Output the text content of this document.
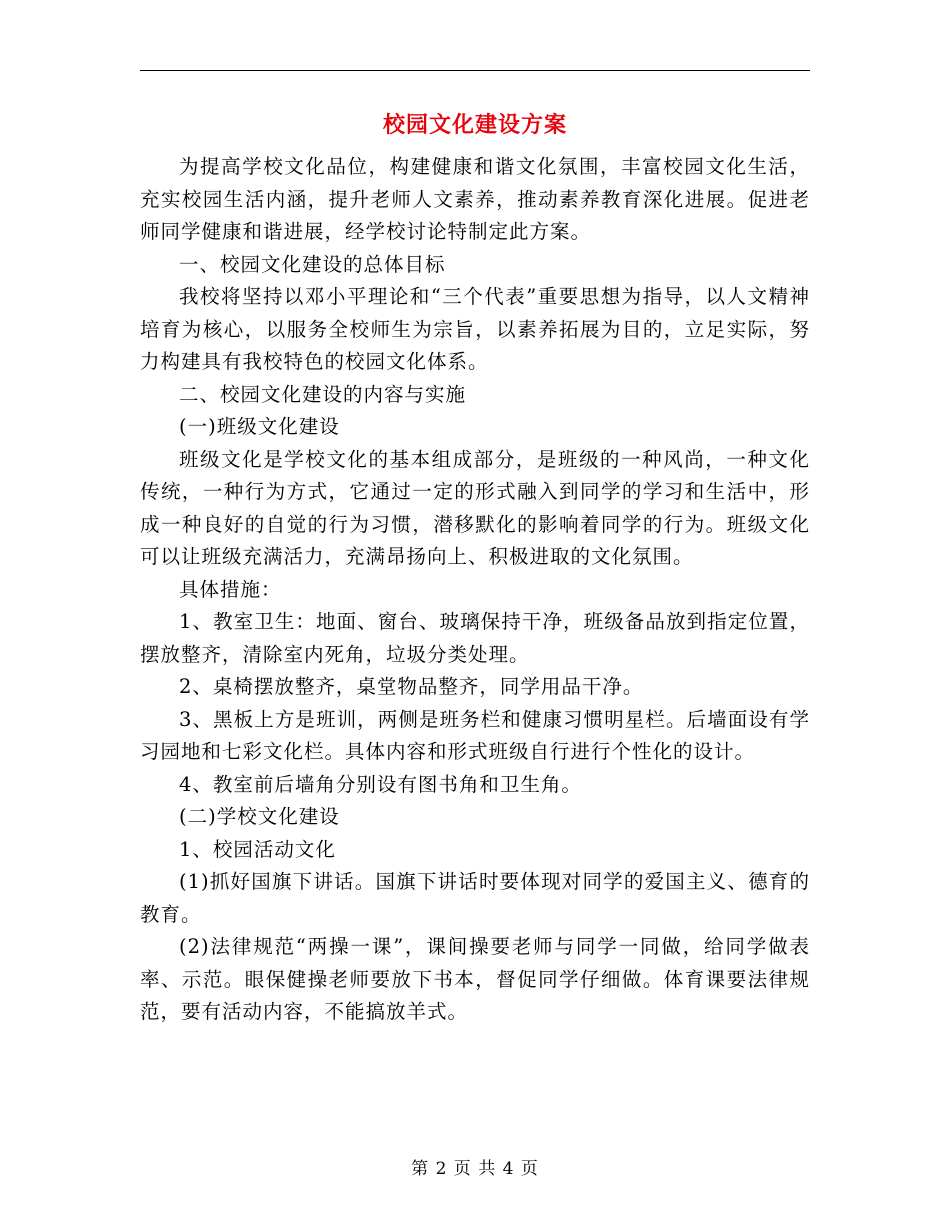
校园文化建设方案

为提高学校文化品位，构建健康和谐文化氛围，丰富校园文化生活，充实校园生活内涵，提升老师人文素养，推动素养教育深化进展。促进老师同学健康和谐进展，经学校讨论特制定此方案。

一、校园文化建设的总体目标

我校将坚持以邓小平理论和“三个代表”重要思想为指导，以人文精神培育为核心，以服务全校师生为宗旨，以素养拓展为目的，立足实际，努力构建具有我校特色的校园文化体系。

二、校园文化建设的内容与实施

(一)班级文化建设

班级文化是学校文化的基本组成部分，是班级的一种风尚，一种文化传统，一种行为方式，它通过一定的形式融入到同学的学习和生活中，形成一种良好的自觉的行为习惯，潜移默化的影响着同学的行为。班级文化可以让班级充满活力，充满昂扬向上、积极进取的文化氛围。

具体措施：

1、教室卫生：地面、窗台、玻璃保持干净，班级备品放到指定位置，摆放整齐，清除室内死角，垃圾分类处理。

2、桌椅摆放整齐，桌堂物品整齐，同学用品干净。

3、黑板上方是班训，两侧是班务栏和健康习惯明星栏。后墙面设有学习园地和七彩文化栏。具体内容和形式班级自行进行个性化的设计。

4、教室前后墙角分别设有图书角和卫生角。

(二)学校文化建设

1、校园活动文化

(1)抓好国旗下讲话。国旗下讲话时要体现对同学的爱国主义、德育的教育。

(2)法律规范“两操一课”，课间操要老师与同学一同做，给同学做表率、示范。眼保健操老师要放下书本，督促同学仔细做。体育课要法律规范，要有活动内容，不能搞放羊式。

第 2 页 共 4 页
